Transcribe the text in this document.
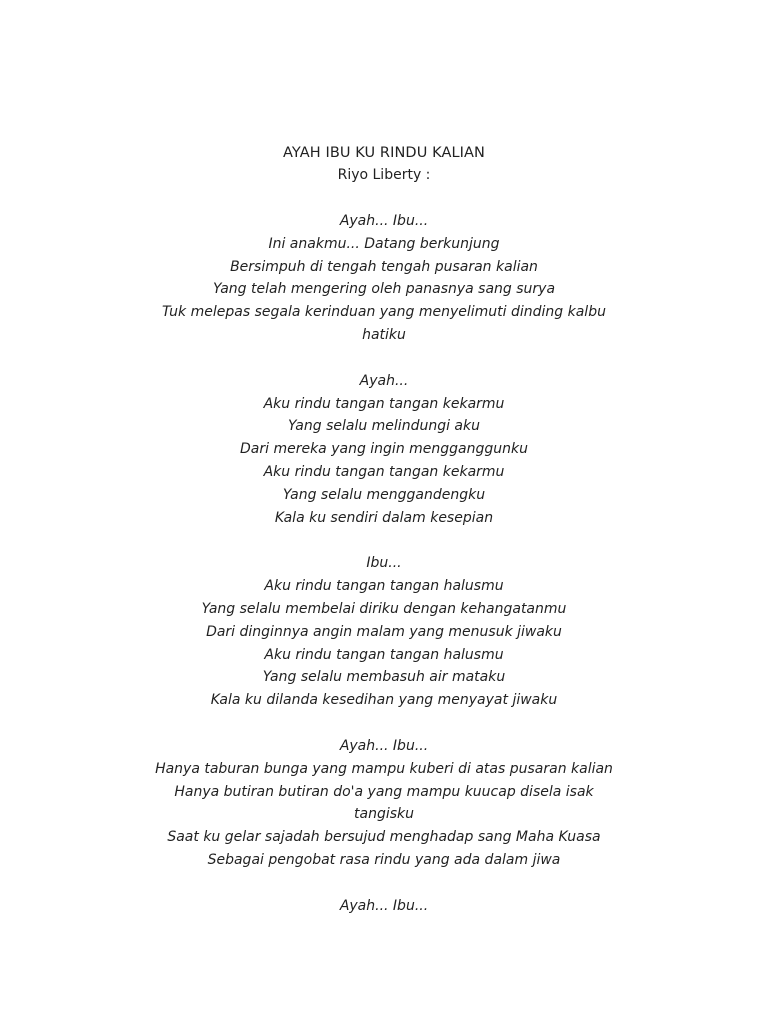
AYAH IBU KU RINDU KALIAN
Riyo Liberty :
Ayah... Ibu...
Ini anakmu... Datang berkunjung
Bersimpuh di tengah tengah pusaran kalian
Yang telah mengering oleh panasnya sang surya
Tuk melepas segala kerinduan yang menyelimuti dinding kalbu
hatiku
Ayah...
Aku rindu tangan tangan kekarmu
Yang selalu melindungi aku
Dari mereka yang ingin mengganggunku
Aku rindu tangan tangan kekarmu
Yang selalu menggandengku
Kala ku sendiri dalam kesepian
Ibu...
Aku rindu tangan tangan halusmu
Yang selalu membelai diriku dengan kehangatanmu
Dari dinginnya angin malam yang menusuk jiwaku
Aku rindu tangan tangan halusmu
Yang selalu membasuh air mataku
Kala ku dilanda kesedihan yang menyayat jiwaku
Ayah... Ibu...
Hanya taburan bunga yang mampu kuberi di atas pusaran kalian
Hanya butiran butiran do'a yang mampu kuucap disela isak
tangisku
Saat ku gelar sajadah bersujud menghadap sang Maha Kuasa
Sebagai pengobat rasa rindu yang ada dalam jiwa
Ayah... Ibu...
